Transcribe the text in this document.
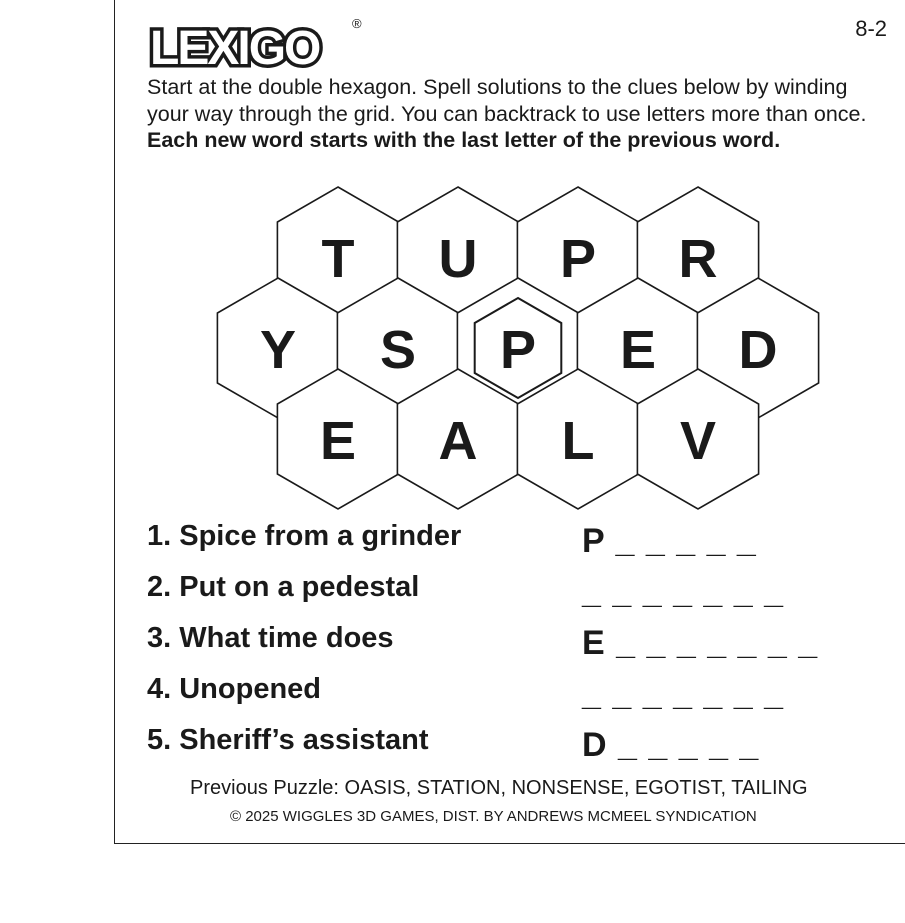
LEXIGO	®	8-2

Start at the double hexagon. Spell solutions to the clues below by winding your way through the grid. You can backtrack to use letters more than once. Each new word starts with the last letter of the previous word.

T U P R
Y S P E D
E A L V
1. Spice from a grinder	P _ _ _ _ _
2. Put on a pedestal	_ _ _ _ _ _ _
3. What time does	E _ _ _ _ _ _ _
4. Unopened	_ _ _ _ _ _ _
5. Sheriff’s assistant	D _ _ _ _ _
Previous Puzzle: OASIS, STATION, NONSENSE, EGOTIST, TAILING
© 2025 WIGGLES 3D GAMES, DIST. BY ANDREWS MCMEEL SYNDICATION
